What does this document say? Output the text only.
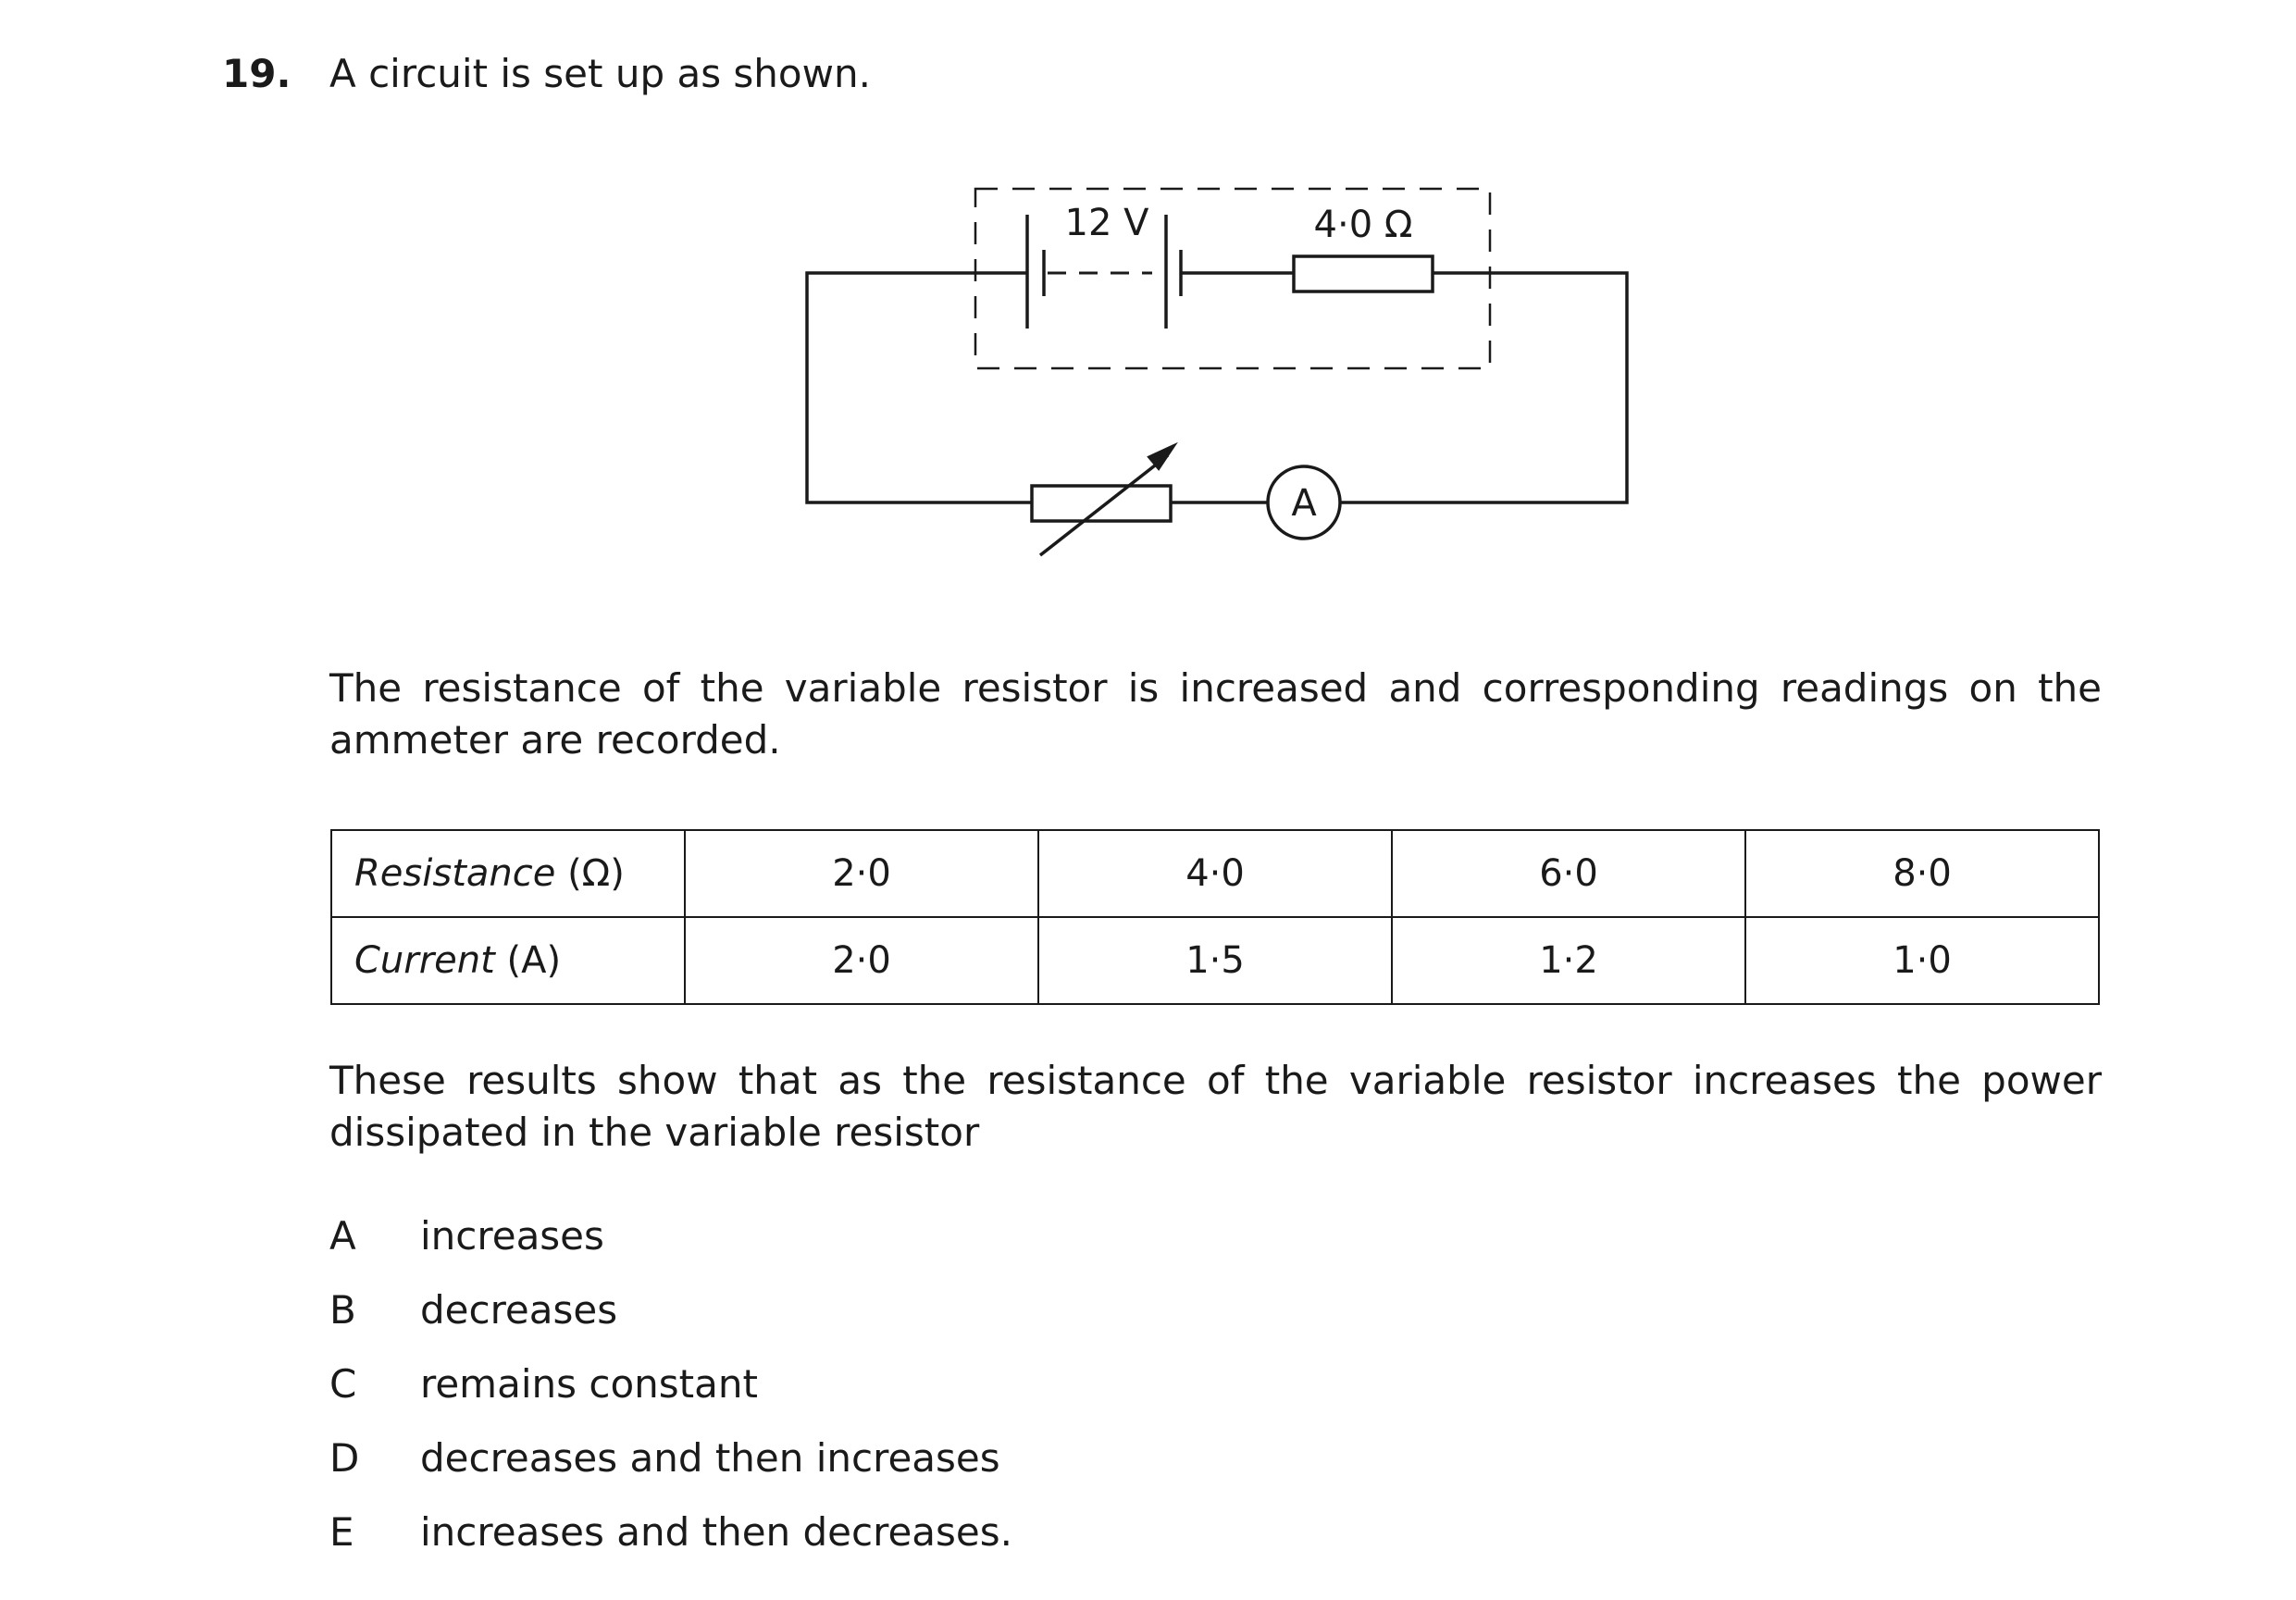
19. A circuit is set up as shown.
12 V	4·0 Ω
A
The resistance of the variable resistor is increased and corresponding readings on the ammeter are recorded.
Resistance (Ω)	2·0	4·0	6·0	8·0
Current (A)	2·0	1·5	1·2	1·0
These results show that as the resistance of the variable resistor increases the power dissipated in the variable resistor
A	increases
B	decreases
C	remains constant
D	decreases and then increases
E	increases and then decreases.
